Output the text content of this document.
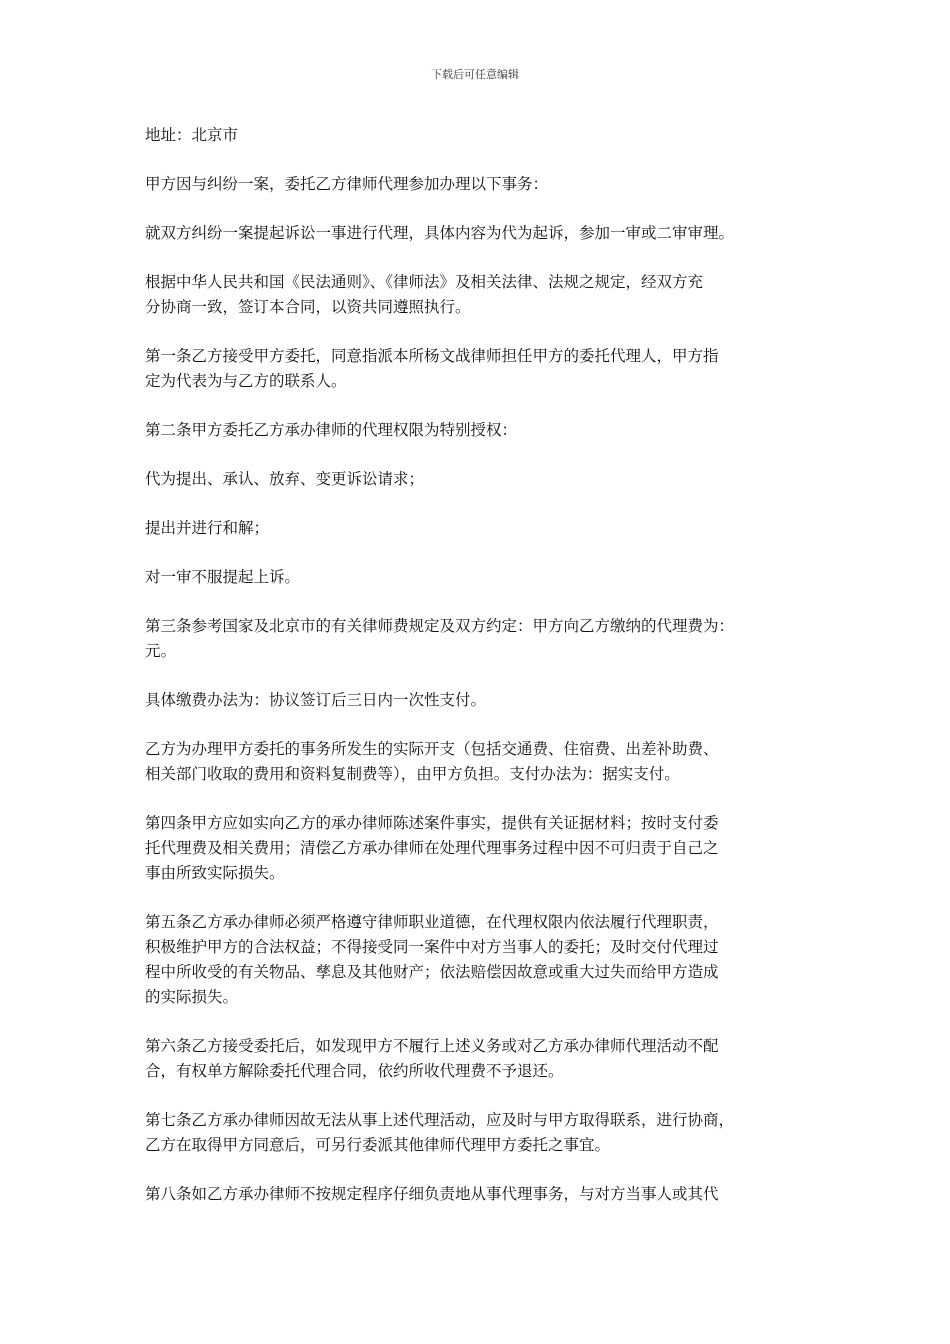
下载后可任意编辑

地址：北京市

甲方因与纠纷一案，委托乙方律师代理参加办理以下事务：

就双方纠纷一案提起诉讼一事进行代理，具体内容为代为起诉，参加一审或二审审理。

根据中华人民共和国《民法通则》、《律师法》及相关法律、法规之规定，经双方充
分协商一致，签订本合同，以资共同遵照执行。

第一条乙方接受甲方委托，同意指派本所杨文战律师担任甲方的委托代理人，甲方指
定为代表为与乙方的联系人。

第二条甲方委托乙方承办律师的代理权限为特别授权：

代为提出、承认、放弃、变更诉讼请求；

提出并进行和解；

对一审不服提起上诉。

第三条参考国家及北京市的有关律师费规定及双方约定：甲方向乙方缴纳的代理费为：
元。

具体缴费办法为：协议签订后三日内一次性支付。

乙方为办理甲方委托的事务所发生的实际开支（包括交通费、住宿费、出差补助费、
相关部门收取的费用和资料复制费等），由甲方负担。支付办法为：据实支付。

第四条甲方应如实向乙方的承办律师陈述案件事实，提供有关证据材料；按时支付委
托代理费及相关费用；清偿乙方承办律师在处理代理事务过程中因不可归责于自己之
事由所致实际损失。

第五条乙方承办律师必须严格遵守律师职业道德，在代理权限内依法履行代理职责，
积极维护甲方的合法权益；不得接受同一案件中对方当事人的委托；及时交付代理过
程中所收受的有关物品、孳息及其他财产；依法赔偿因故意或重大过失而给甲方造成
的实际损失。

第六条乙方接受委托后，如发现甲方不履行上述义务或对乙方承办律师代理活动不配
合，有权单方解除委托代理合同，依约所收代理费不予退还。

第七条乙方承办律师因故无法从事上述代理活动，应及时与甲方取得联系，进行协商，
乙方在取得甲方同意后，可另行委派其他律师代理甲方委托之事宜。

第八条如乙方承办律师不按规定程序仔细负责地从事代理事务，与对方当事人或其代
